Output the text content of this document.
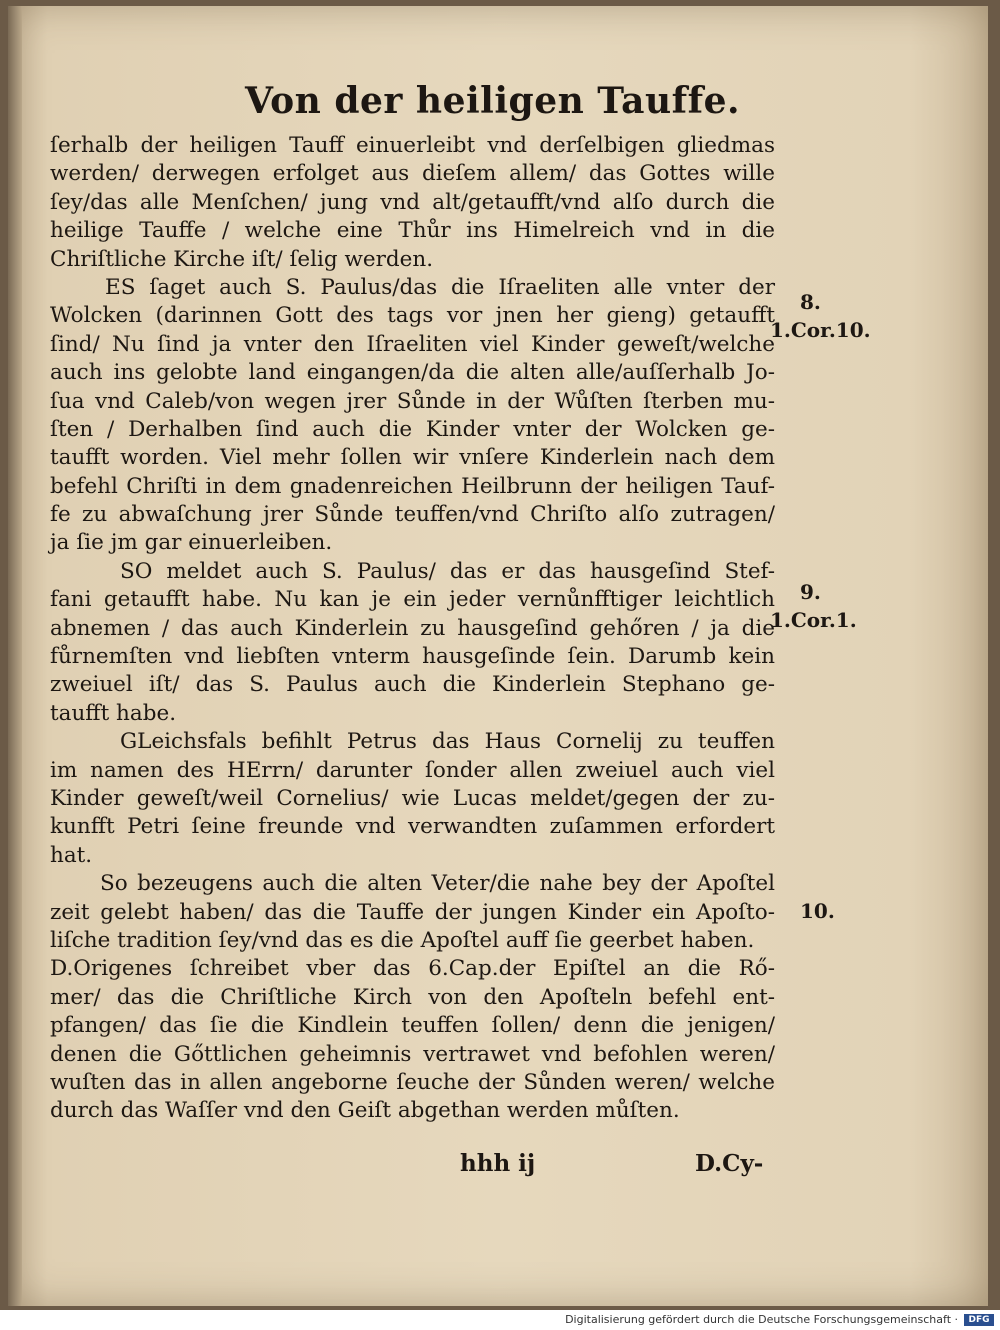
Von der heiligen Tauffe.
ſerhalb der heiligen Tauff einuerleibt vnd derſelbigen gliedmas
werden/ derwegen erfolget aus dieſem allem/ das Gottes wille
ſey/das alle Menſchen/ jung vnd alt/getaufft/vnd alſo durch die
heilige Tauffe / welche eine Thůr ins Himelreich vnd in die
Chriſtliche Kirche iſt/ ſelig werden.
ES ſaget auch S. Paulus/das die Iſraeliten alle vnter der
Wolcken (darinnen Gott des tags vor jnen her gieng) getaufft
ſind/ Nu ſind ja vnter den Iſraeliten viel Kinder geweſt/welche
auch ins gelobte land eingangen/da die alten alle/auſſerhalb Jo-
ſua vnd Caleb/von wegen jrer Sůnde in der Wůſten ſterben mu-
ſten / Derhalben ſind auch die Kinder vnter der Wolcken ge-
taufft worden. Viel mehr ſollen wir vnſere Kinderlein nach dem
befehl Chriſti in dem gnadenreichen Heilbrunn der heiligen Tauf-
fe zu abwaſchung jrer Sůnde teuffen/vnd Chriſto alſo zutragen/
ja ſie jm gar einuerleiben.
SO meldet auch S. Paulus/ das er das hausgeſind Stef-
fani getaufft habe. Nu kan je ein jeder vernůnfftiger leichtlich
abnemen / das auch Kinderlein zu hausgeſind gehőren / ja die
fůrnemſten vnd liebſten vnterm hausgeſinde ſein. Darumb kein
zweiuel iſt/ das S. Paulus auch die Kinderlein Stephano ge-
taufft habe.
GLeichsfals befihlt Petrus das Haus Cornelij zu teuffen
im namen des HErrn/ darunter ſonder allen zweiuel auch viel
Kinder geweſt/weil Cornelius/ wie Lucas meldet/gegen der zu-
kunfft Petri ſeine freunde vnd verwandten zuſammen erfordert
hat.
So bezeugens auch die alten Veter/die nahe bey der Apoſtel
zeit gelebt haben/ das die Tauffe der jungen Kinder ein Apoſto-
liſche tradition ſey/vnd das es die Apoſtel auff ſie geerbet haben.
D.Origenes ſchreibet vber das 6.Cap.der Epiſtel an die Rő-
mer/ das die Chriſtliche Kirch von den Apoſteln befehl ent-
pfangen/ das ſie die Kindlein teuffen ſollen/ denn die jenigen/
denen die Gőttlichen geheimnis vertrawet vnd befohlen weren/
wuſten das in allen angeborne ſeuche der Sůnden weren/ welche
durch das Waſſer vnd den Geiſt abgethan werden můſten.
8.
1.Cor.10.
9.
1.Cor.1.
10.
hhh ij	D.Cy-
Digitalisierung gefördert durch die Deutsche Forschungsgemeinschaft ·	DFG
